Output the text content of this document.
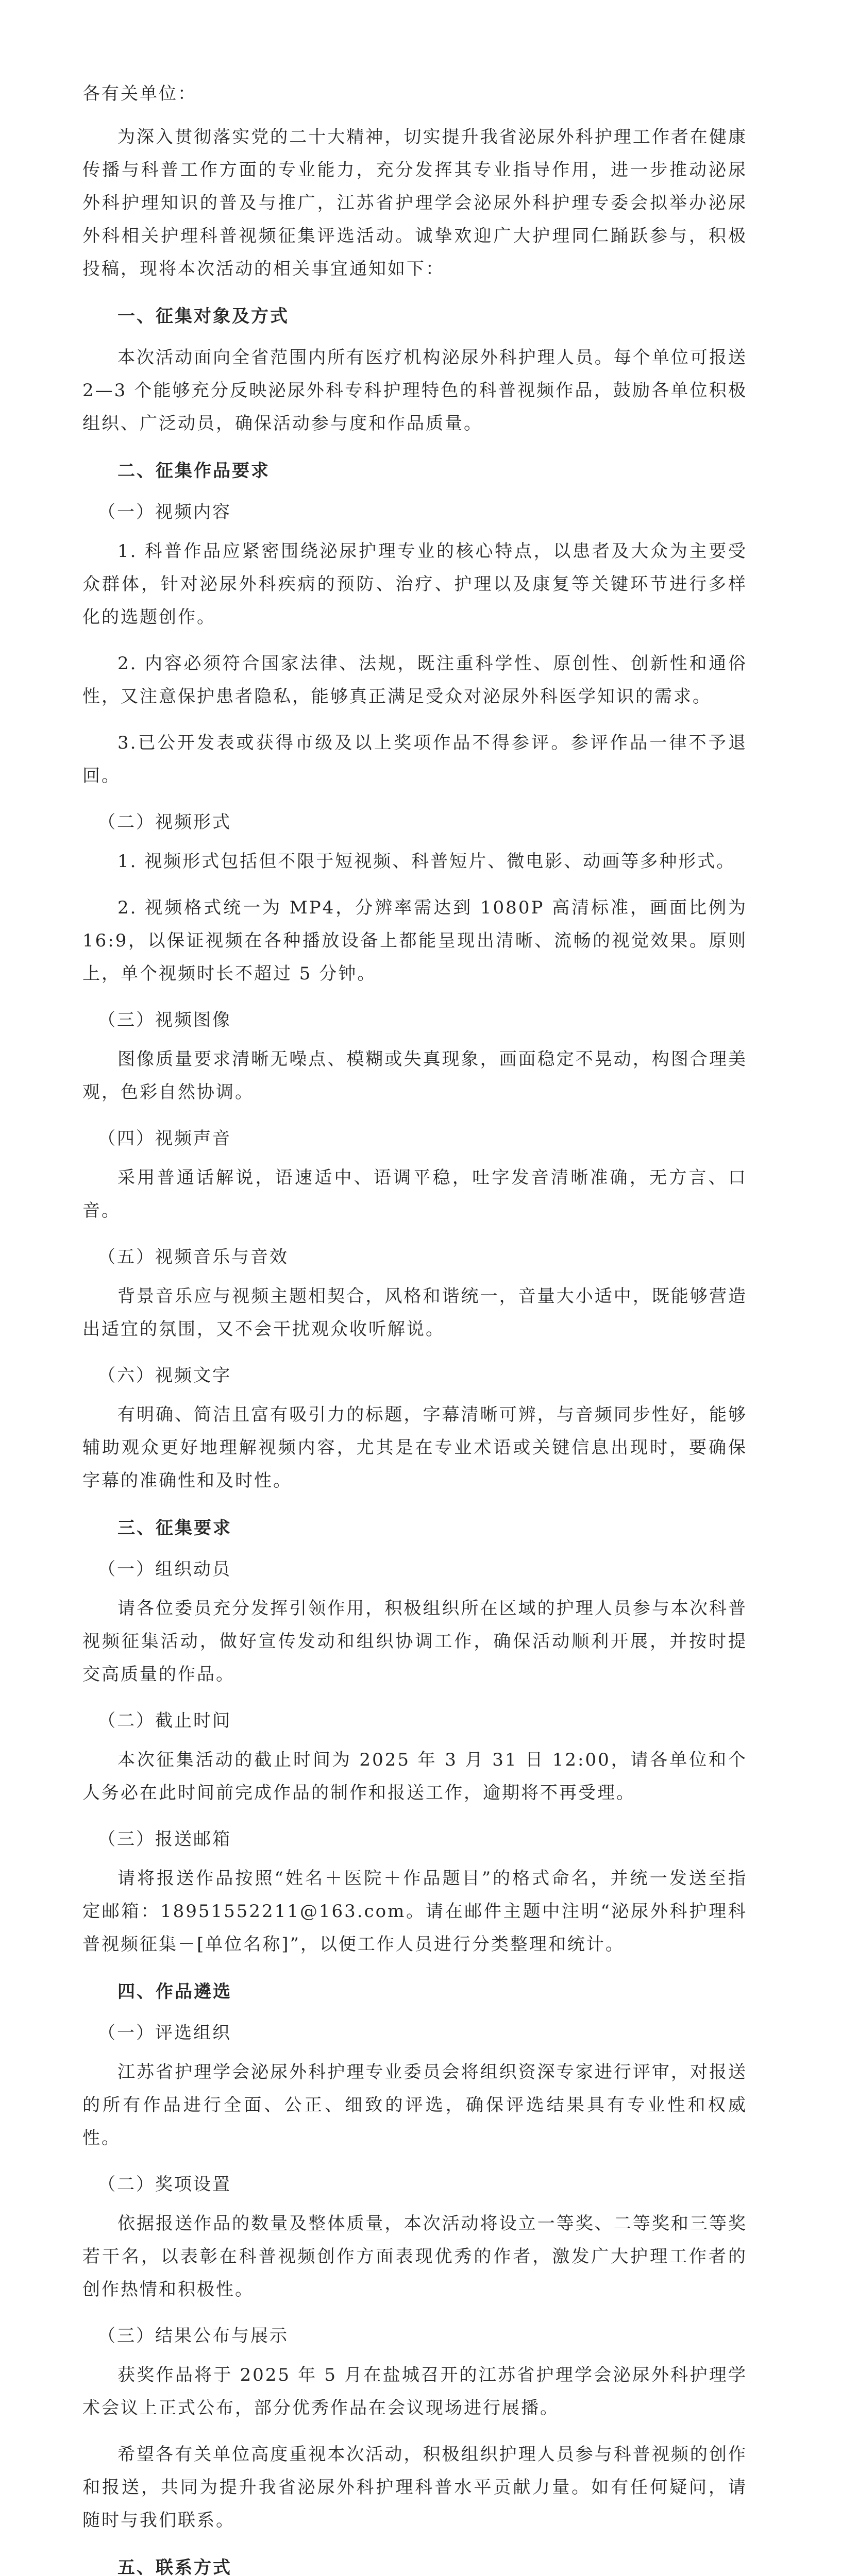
各有关单位：

为深入贯彻落实党的二十大精神，切实提升我省泌尿外科护理工作者在健康传播与科普工作方面的专业能力，充分发挥其专业指导作用，进一步推动泌尿外科护理知识的普及与推广，江苏省护理学会泌尿外科护理专委会拟举办泌尿外科相关护理科普视频征集评选活动。诚挚欢迎广大护理同仁踊跃参与，积极投稿，现将本次活动的相关事宜通知如下：

一、征集对象及方式

本次活动面向全省范围内所有医疗机构泌尿外科护理人员。每个单位可报送 2—3 个能够充分反映泌尿外科专科护理特色的科普视频作品，鼓励各单位积极组织、广泛动员，确保活动参与度和作品质量。

二、征集作品要求
（一）视频内容

1. 科普作品应紧密围绕泌尿护理专业的核心特点，以患者及大众为主要受众群体，针对泌尿外科疾病的预防、治疗、护理以及康复等关键环节进行多样化的选题创作。

2. 内容必须符合国家法律、法规，既注重科学性、原创性、创新性和通俗性，又注意保护患者隐私，能够真正满足受众对泌尿外科医学知识的需求。

3.已公开发表或获得市级及以上奖项作品不得参评。参评作品一律不予退回。

（二）视频形式

1. 视频形式包括但不限于短视频、科普短片、微电影、动画等多种形式。

2. 视频格式统一为 MP4，分辨率需达到 1080P 高清标准，画面比例为 16:9，以保证视频在各种播放设备上都能呈现出清晰、流畅的视觉效果。原则上，单个视频时长不超过 5 分钟。

（三）视频图像

图像质量要求清晰无噪点、模糊或失真现象，画面稳定不晃动，构图合理美观，色彩自然协调。

（四）视频声音

采用普通话解说，语速适中、语调平稳，吐字发音清晰准确，无方言、口音。

（五）视频音乐与音效

背景音乐应与视频主题相契合，风格和谐统一，音量大小适中，既能够营造出适宜的氛围，又不会干扰观众收听解说。

（六）视频文字

有明确、简洁且富有吸引力的标题，字幕清晰可辨，与音频同步性好，能够辅助观众更好地理解视频内容，尤其是在专业术语或关键信息出现时，要确保字幕的准确性和及时性。

三、征集要求
（一）组织动员

请各位委员充分发挥引领作用，积极组织所在区域的护理人员参与本次科普视频征集活动，做好宣传发动和组织协调工作，确保活动顺利开展，并按时提交高质量的作品。

（二）截止时间

本次征集活动的截止时间为 2025 年 3 月 31 日 12:00，请各单位和个人务必在此时间前完成作品的制作和报送工作，逾期将不再受理。

（三）报送邮箱

请将报送作品按照“姓名＋医院＋作品题目”的格式命名，并统一发送至指定邮箱：18951552211@163.com。请在邮件主题中注明“泌尿外科护理科普视频征集－[单位名称]”，以便工作人员进行分类整理和统计。

四、作品遴选
（一）评选组织

江苏省护理学会泌尿外科护理专业委员会将组织资深专家进行评审，对报送的所有作品进行全面、公正、细致的评选，确保评选结果具有专业性和权威性。

（二）奖项设置

依据报送作品的数量及整体质量，本次活动将设立一等奖、二等奖和三等奖若干名，以表彰在科普视频创作方面表现优秀的作者，激发广大护理工作者的创作热情和积极性。

（三）结果公布与展示

获奖作品将于 2025 年 5 月在盐城召开的江苏省护理学会泌尿外科护理学术会议上正式公布，部分优秀作品在会议现场进行展播。

希望各有关单位高度重视本次活动，积极组织护理人员参与科普视频的创作和报送，共同为提升我省泌尿外科护理科普水平贡献力量。如有任何疑问，请随时与我们联系。

五、联系方式
